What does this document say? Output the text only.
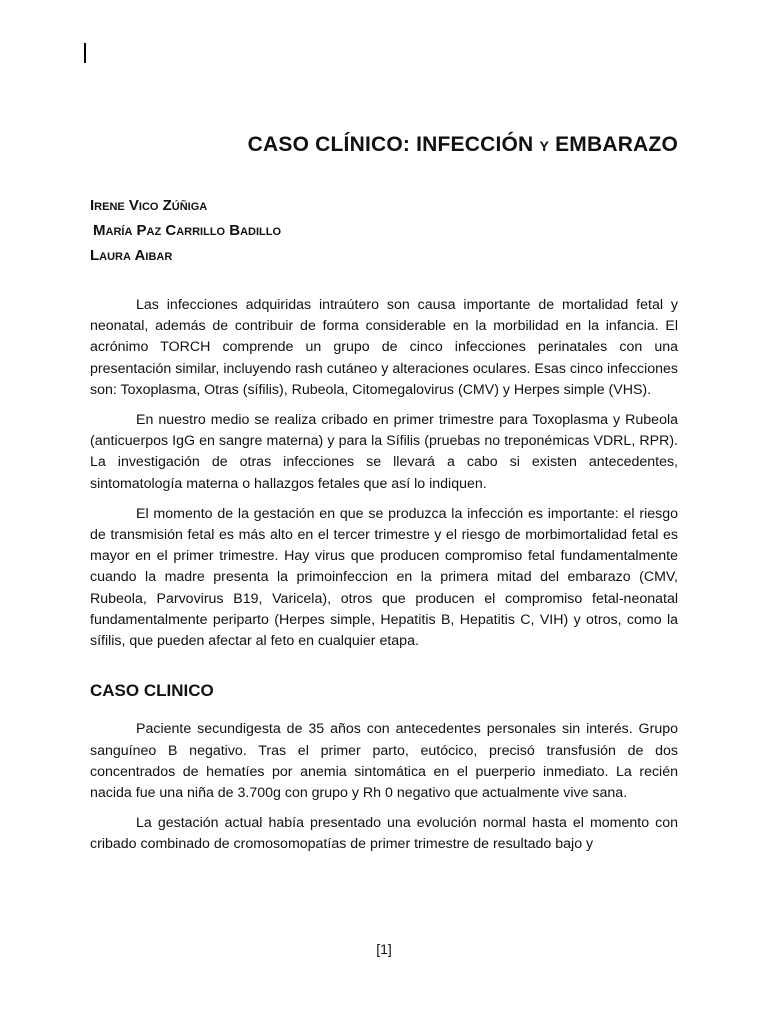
CASO CLÍNICO: INFECCIÓN Y EMBARAZO
Irene Vico Zúñiga
María Paz Carrillo Badillo
Laura Aibar

Las infecciones adquiridas intraútero son causa importante de mortalidad fetal y neonatal, además de contribuir de forma considerable en la morbilidad en la infancia. El acrónimo TORCH comprende un grupo de cinco infecciones perinatales con una presentación similar, incluyendo rash cutáneo y alteraciones oculares. Esas cinco infecciones son: Toxoplasma, Otras (sífilis), Rubeola, Citomegalovirus (CMV) y Herpes simple (VHS).

En nuestro medio se realiza cribado en primer trimestre para Toxoplasma y Rubeola (anticuerpos IgG en sangre materna) y para la Sífilis (pruebas no treponémicas VDRL, RPR). La investigación de otras infecciones se llevará a cabo si existen antecedentes, sintomatología materna o hallazgos fetales que así lo indiquen.

El momento de la gestación en que se produzca la infección es importante: el riesgo de transmisión fetal es más alto en el tercer trimestre y el riesgo de morbimortalidad fetal es mayor en el primer trimestre. Hay virus que producen compromiso fetal fundamentalmente cuando la madre presenta la primoinfeccion en la primera mitad del embarazo (CMV, Rubeola, Parvovirus B19, Varicela), otros que producen el compromiso fetal-neonatal fundamentalmente periparto (Herpes simple, Hepatitis B, Hepatitis C, VIH) y otros, como la sífilis, que pueden afectar al feto en cualquier etapa.

CASO CLINICO

Paciente secundigesta de 35 años con antecedentes personales sin interés. Grupo sanguíneo B negativo. Tras el primer parto, eutócico, precisó transfusión de dos concentrados de hematíes por anemia sintomática en el puerperio inmediato. La recién nacida fue una niña de 3.700g con grupo y Rh 0 negativo que actualmente vive sana.

La gestación actual había presentado una evolución normal hasta el momento con cribado combinado de cromosomopatías de primer trimestre de resultado bajo y

[1]
